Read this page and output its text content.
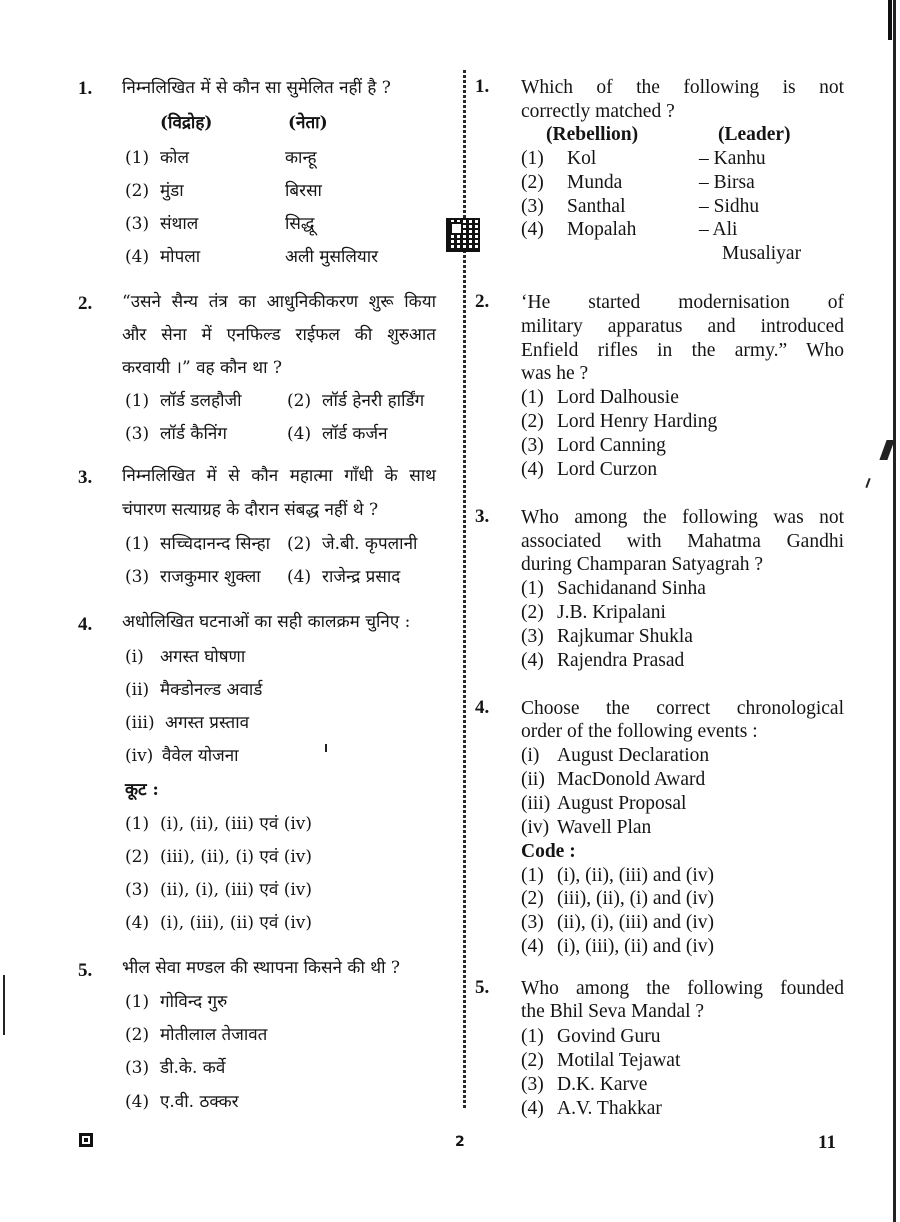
1. निम्नलिखित में से कौन सा सुमेलित नहीं है ?
(विद्रोह)	(नेता)
(1) कोल	कान्हू
(2) मुंडा	बिरसा
(3) संथाल	सिद्धू
(4) मोपला	अली मुसलियार
2. “उसने सैन्य तंत्र का आधुनिकीकरण शुरू किया
और सेना में एनफिल्ड राईफल की शुरुआत
करवायी ।” वह कौन था ?
(1) लॉर्ड डलहौजी	(2) लॉर्ड हेनरी हार्डिंग
(3) लॉर्ड कैनिंग	(4) लॉर्ड कर्जन
3. निम्नलिखित में से कौन महात्मा गाँधी के साथ
चंपारण सत्याग्रह के दौरान संबद्ध नहीं थे ?
(1) सच्चिदानन्द सिन्हा (2) जे.बी. कृपलानी
(3) राजकुमार शुक्ला (4) राजेन्द्र प्रसाद
4. अधोलिखित घटनाओं का सही कालक्रम चुनिए :
(i) अगस्त घोषणा
(ii) मैक्डोनल्ड अवार्ड
(iii) अगस्त प्रस्ताव
(iv) वैवेल योजना
कूट :
(1) (i), (ii), (iii) एवं (iv)
(2) (iii), (ii), (i) एवं (iv)
(3) (ii), (i), (iii) एवं (iv)
(4) (i), (iii), (ii) एवं (iv)
5. भील सेवा मण्डल की स्थापना किसने की थी ?
(1) गोविन्द गुरु
(2) मोतीलाल तेजावत
(3) डी.के. कर्वे
(4) ए.वी. ठक्कर
1. Which of the following is not
correctly matched ?
(Rebellion)	(Leader)
(1) Kol	– Kanhu
(2) Munda	– Birsa
(3) Santhal	– Sidhu
(4) Mopalah	– Ali
Musaliyar
2. ‘He started modernisation of
military apparatus and introduced
Enfield rifles in the army.” Who
was he ?
(1) Lord Dalhousie
(2) Lord Henry Harding
(3) Lord Canning
(4) Lord Curzon
3. Who among the following was not
associated with Mahatma Gandhi
during Champaran Satyagrah ?
(1) Sachidanand Sinha
(2) J.B. Kripalani
(3) Rajkumar Shukla
(4) Rajendra Prasad
4. Choose the correct chronological
order of the following events :
(i) August Declaration
(ii) MacDonold Award
(iii) August Proposal
(iv) Wavell Plan
Code :
(1) (i), (ii), (iii) and (iv)
(2) (iii), (ii), (i) and (iv)
(3) (ii), (i), (iii) and (iv)
(4) (i), (iii), (ii) and (iv)
5. Who among the following founded
the Bhil Seva Mandal ?
(1) Govind Guru
(2) Motilal Tejawat
(3) D.K. Karve
(4) A.V. Thakkar
2	11
